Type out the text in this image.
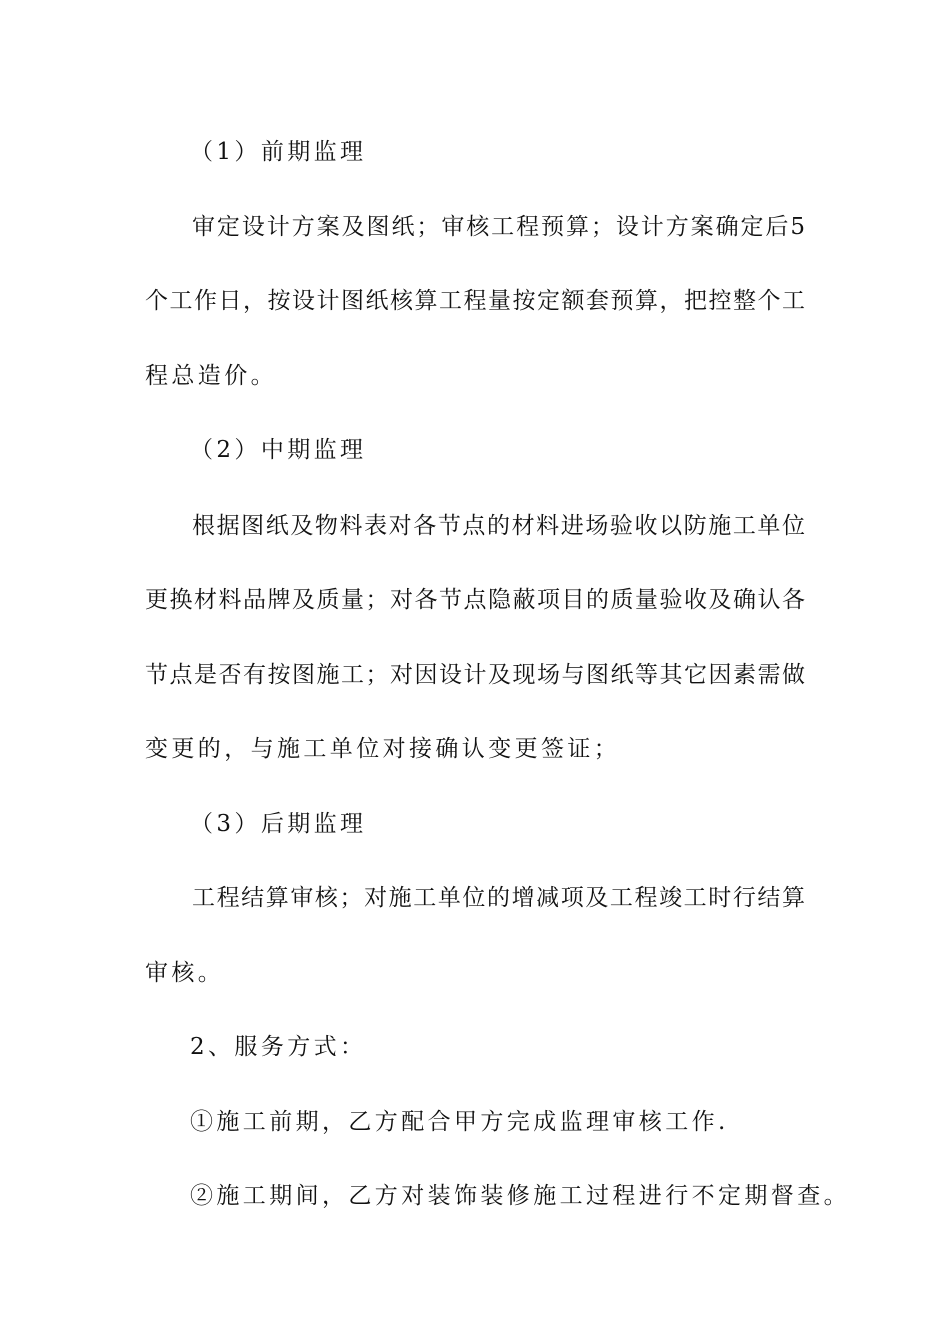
（1）前期监理
审定设计方案及图纸；审核工程预算；设计方案确定后5
个工作日，按设计图纸核算工程量按定额套预算，把控整个工
程总造价。
（2）中期监理
根据图纸及物料表对各节点的材料进场验收以防施工单位
更换材料品牌及质量；对各节点隐蔽项目的质量验收及确认各
节点是否有按图施工；对因设计及现场与图纸等其它因素需做
变更的，与施工单位对接确认变更签证；
（3）后期监理
工程结算审核；对施工单位的增减项及工程竣工时行结算
审核。
2、服务方式：
①施工前期，乙方配合甲方完成监理审核工作.
②施工期间，乙方对装饰装修施工过程进行不定期督查。
